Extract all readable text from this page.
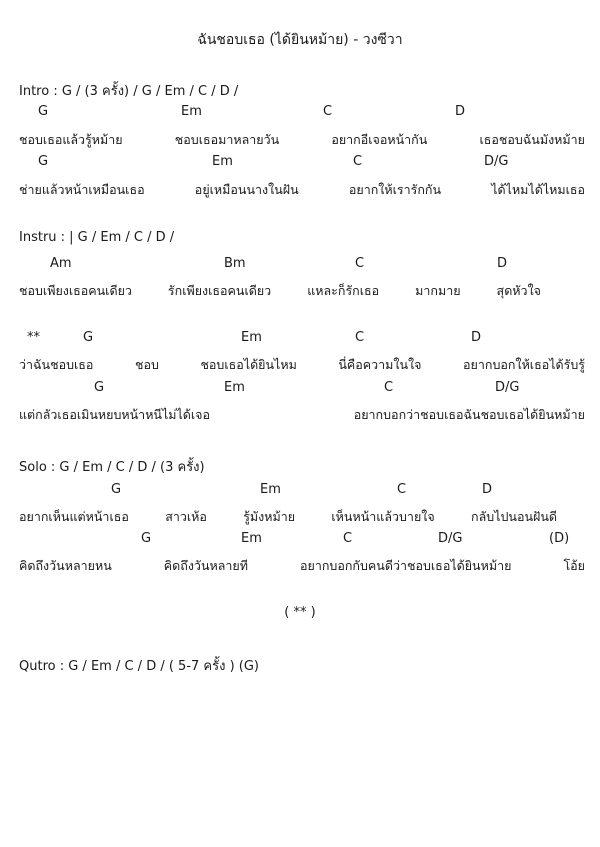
ฉันชอบเธอ (ได้ยินหม้าย) - วงซีวา
Intro : G / (3 ครั้ง) / G / Em / C / D /
G	Em	C	D
ชอบเธอแล้วรู้หม้าย ชอบเธอมาหลายวัน อยากอีเจอหน้ากัน เธอชอบฉันมังหม้าย
G	Em	C	D/G
ช่ายแล้วหน้าเหมือนเธอ อยู่เหมือนนางในฝัน อยากให้เรารักกัน ได้ไหมได้ไหมเธอ
Instru : | G / Em / C / D /
Am	Bm	C	D
ชอบเพียงเธอคนเดียว รักเพียงเธอคนเดียว แหละก็รักเธอ มากมาย สุดหัวใจ
**	G	Em	C	D
ว่าฉันชอบเธอ ชอบ ชอบเธอได้ยินไหม นี่คือความในใจ อยากบอกให้เธอได้รับรู้
G	Em	C	D/G
แต่กลัวเธอเมินหยบหน้าหนีไม่ได้เจอ อยากบอกว่าชอบเธอฉันชอบเธอได้ยินหม้าย
Solo : G / Em / C / D / (3 ครั้ง)
G	Em	C	D
อยากเห็นแต่หน้าเธอ สาวเห้อ รู้มังหม้าย เห็นหน้าแล้วบายใจ กลับไปนอนฝันดี
G	Em	C	D/G	(D)
คิดถึงวันหลายหน คิดถึงวันหลายที อยากบอกกับคนดีว่าชอบเธอได้ยินหม้าย โอ้ย
( ** )
Qutro : G / Em / C / D / ( 5-7 ครั้ง ) (G)
